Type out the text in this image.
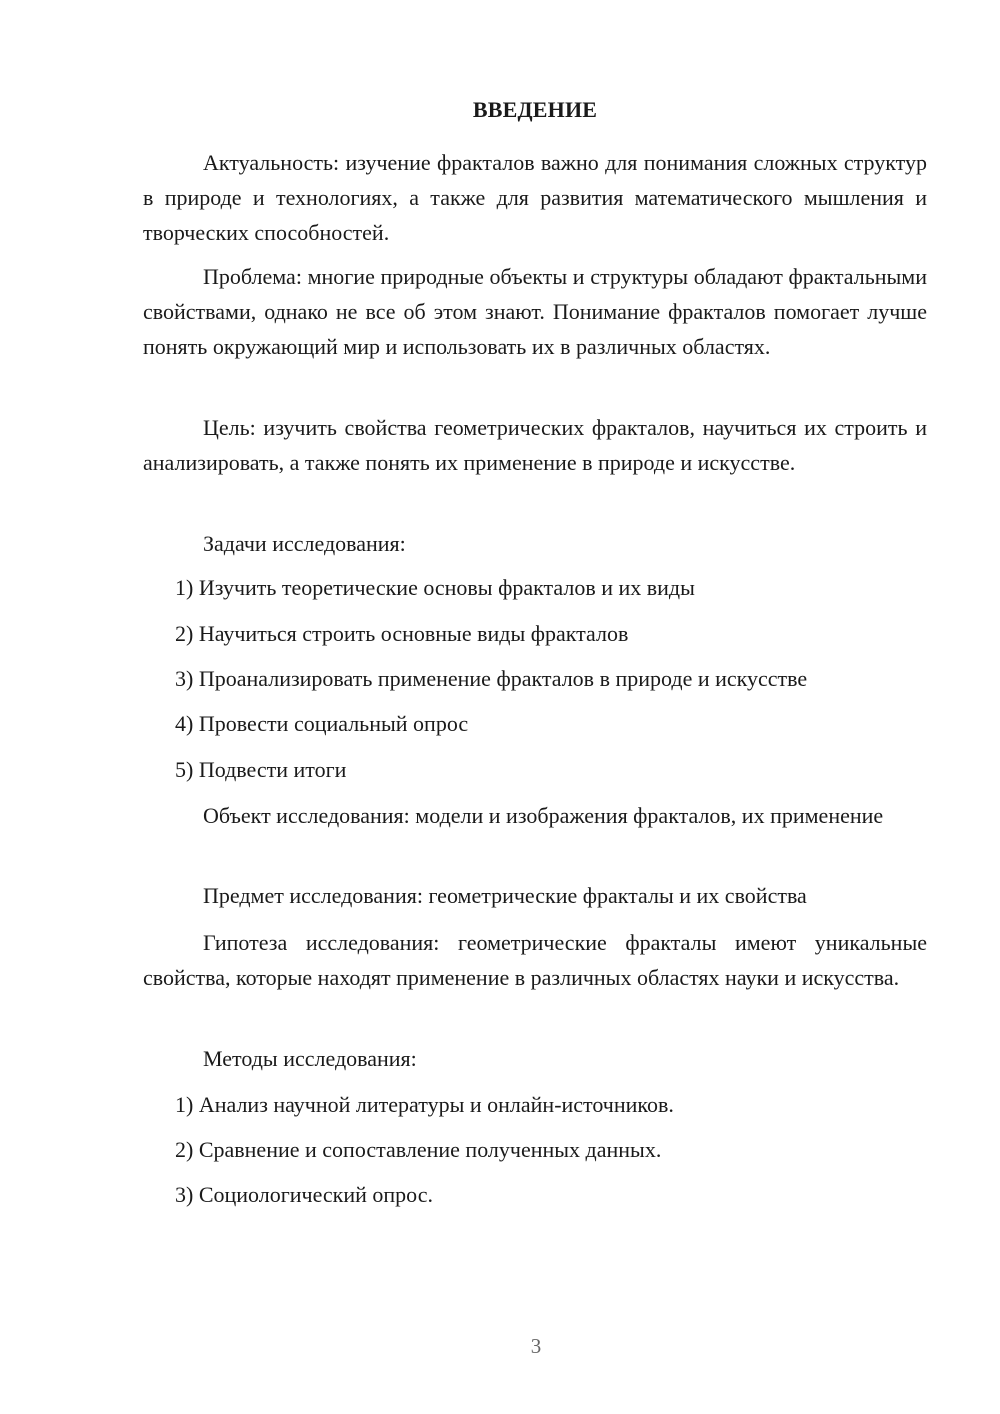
ВВЕДЕНИЕ

Актуальность: изучение фракталов важно для понимания сложных структур в природе и технологиях, а также для развития математического мышления и творческих способностей.

Проблема: многие природные объекты и структуры обладают фрактальными свойствами, однако не все об этом знают. Понимание фракталов помогает лучше понять окружающий мир и использовать их в различных областях.

Цель: изучить свойства геометрических фракталов, научиться их строить и анализировать, а также понять их применение в природе и искусстве.

Задачи исследования:

1) Изучить теоретические основы фракталов и их виды
2) Научиться строить основные виды фракталов
3) Проанализировать применение фракталов в природе и искусстве
4) Провести социальный опрос
5) Подвести итоги

Объект исследования: модели и изображения фракталов, их применение

Предмет исследования: геометрические фракталы и их свойства

Гипотеза исследования: геометрические фракталы имеют уникальные свойства, которые находят применение в различных областях науки и искусства.

Методы исследования:

1) Анализ научной литературы и онлайн-источников.
2) Сравнение и сопоставление полученных данных.
3) Социологический опрос.
3
